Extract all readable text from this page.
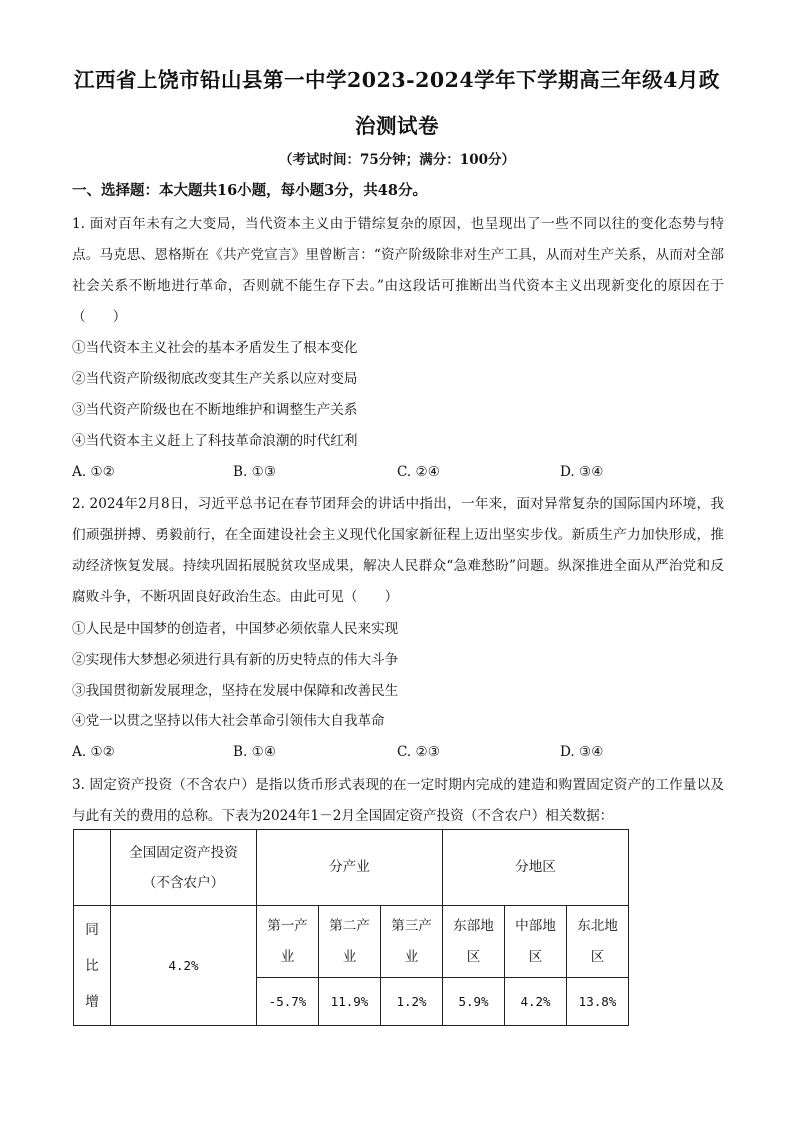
江西省上饶市铅山县第一中学2023-2024学年下学期高三年级4月政
治测试卷
（考试时间：75分钟；满分：100分）
一、选择题：本大题共16小题，每小题3分，共48分。

1. 面对百年未有之大变局，当代资本主义由于错综复杂的原因，也呈现出了一些不同以往的变化态势与特点。马克思、恩格斯在《共产党宣言》里曾断言：“资产阶级除非对生产工具，从而对生产关系，从而对全部社会关系不断地进行革命，否则就不能生存下去。”由这段话可推断出当代资本主义出现新变化的原因在于（　　）

①当代资本主义社会的基本矛盾发生了根本变化
②当代资产阶级彻底改变其生产关系以应对变局
③当代资产阶级也在不断地维护和调整生产关系
④当代资本主义赶上了科技革命浪潮的时代红利
A. ①②	B. ①③	C. ②④	D. ③④

2. 2024年2月8日，习近平总书记在春节团拜会的讲话中指出，一年来，面对异常复杂的国际国内环境，我们顽强拼搏、勇毅前行，在全面建设社会主义现代化国家新征程上迈出坚实步伐。新质生产力加快形成，推动经济恢复发展。持续巩固拓展脱贫攻坚成果，解决人民群众“急难愁盼”问题。纵深推进全面从严治党和反腐败斗争，不断巩固良好政治生态。由此可见（　　）

①人民是中国梦的创造者，中国梦必须依靠人民来实现
②实现伟大梦想必须进行具有新的历史特点的伟大斗争
③我国贯彻新发展理念，坚持在发展中保障和改善民生
④党一以贯之坚持以伟大社会革命引领伟大自我革命
A. ①②	B. ①④	C. ②③	D. ③④

3. 固定资产投资（不含农户）是指以货币形式表现的在一定时期内完成的建造和购置固定资产的工作量以及与此有关的费用的总称。下表为2024年1－2月全国固定资产投资（不含农户）相关数据：

	全国固定资产投资（不含农户）	分产业			分地区		

同比增	4.2%	第一产业	第二产业	第三产业	东部地区	中部地区	东北地区

		-5.7%	11.9%	1.2%	5.9%	4.2%	13.8%
